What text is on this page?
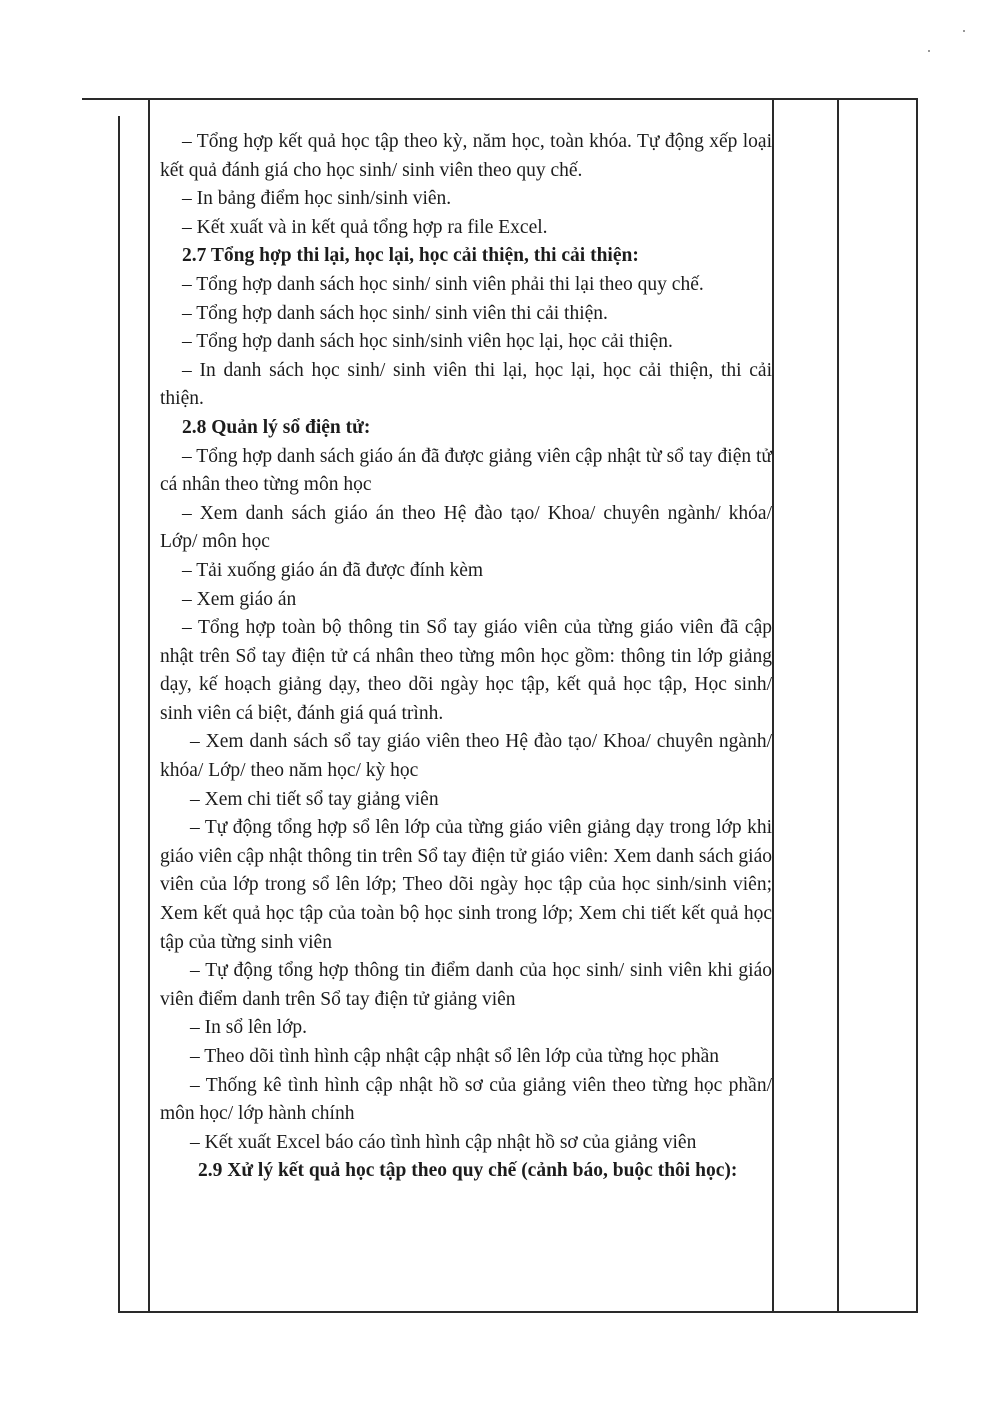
– Tổng hợp kết quả học tập theo kỳ, năm học, toàn khóa. Tự động xếp loại kết quả đánh giá cho học sinh/ sinh viên theo quy chế.

– In bảng điểm học sinh/sinh viên.

– Kết xuất và in kết quả tổng hợp ra file Excel.

2.7 Tổng hợp thi lại, học lại, học cải thiện, thi cải thiện:

– Tổng hợp danh sách học sinh/ sinh viên phải thi lại theo quy chế.

– Tổng hợp danh sách học sinh/ sinh viên thi cải thiện.

– Tổng hợp danh sách học sinh/sinh viên học lại, học cải thiện.

– In danh sách học sinh/ sinh viên thi lại, học lại, học cải thiện, thi cải thiện.

2.8 Quản lý sổ điện tử:

– Tổng hợp danh sách giáo án đã được giảng viên cập nhật từ sổ tay điện tử cá nhân theo từng môn học

– Xem danh sách giáo án theo Hệ đào tạo/ Khoa/ chuyên ngành/ khóa/ Lớp/ môn học

– Tải xuống giáo án đã được đính kèm

– Xem giáo án

– Tổng hợp toàn bộ thông tin Sổ tay giáo viên của từng giáo viên đã cập nhật trên Sổ tay điện tử cá nhân theo từng môn học gồm: thông tin lớp giảng dạy, kế hoạch giảng dạy, theo dõi ngày học tập, kết quả học tập, Học sinh/ sinh viên cá biệt, đánh giá quá trình.

– Xem danh sách sổ tay giáo viên theo Hệ đào tạo/ Khoa/ chuyên ngành/ khóa/ Lớp/ theo năm học/ kỳ học

– Xem chi tiết sổ tay giảng viên

– Tự động tổng hợp sổ lên lớp của từng giáo viên giảng dạy trong lớp khi giáo viên cập nhật thông tin trên Sổ tay điện tử giáo viên: Xem danh sách giáo viên của lớp trong sổ lên lớp; Theo dõi ngày học tập của học sinh/sinh viên; Xem kết quả học tập của toàn bộ học sinh trong lớp; Xem chi tiết kết quả học tập của từng sinh viên

– Tự động tổng hợp thông tin điểm danh của học sinh/ sinh viên khi giáo viên điểm danh trên Sổ tay điện tử giảng viên

– In sổ lên lớp.

– Theo dõi tình hình cập nhật cập nhật sổ lên lớp của từng học phần

– Thống kê tình hình cập nhật hồ sơ của giảng viên theo từng học phần/ môn học/ lớp hành chính

– Kết xuất Excel báo cáo tình hình cập nhật hồ sơ của giảng viên

2.9 Xử lý kết quả học tập theo quy chế (cảnh báo, buộc thôi học):
